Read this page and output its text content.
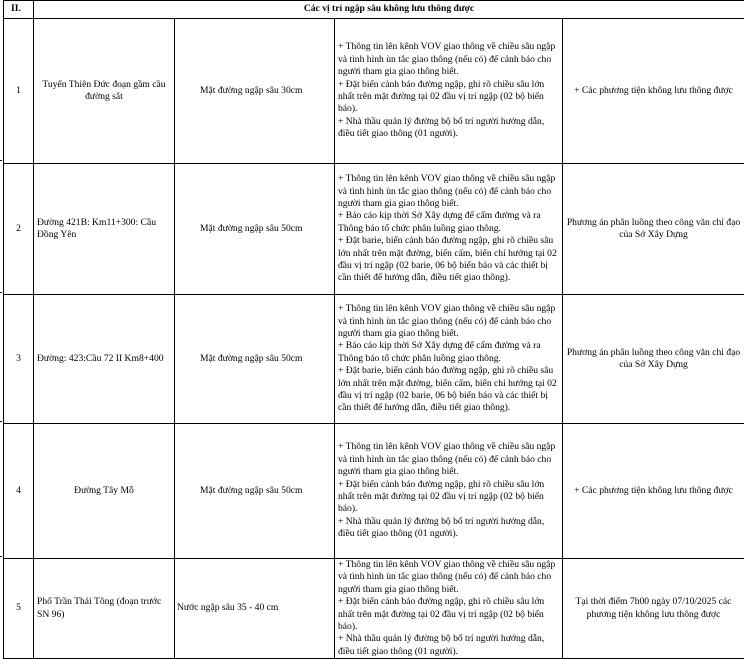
II.	Các vị trí ngập sâu không lưu thông được			
1	Tuyến Thiên Đức đoạn gầm cầu đường sắt	Mặt đường ngập sâu 30cm	+ Thông tin lên kênh VOV giao thông về chiều sâu ngập và tình hình ùn tắc giao thông (nếu có) để cảnh báo cho người tham gia giao thông biết.
+ Đặt biển cảnh báo đường ngập, ghi rõ chiều sâu lớn nhất trên mặt đường tại 02 đầu vị trí ngập (02 bộ biển báo).
+ Nhà thầu quản lý đường bộ bố trí người hướng dẫn, điều tiết giao thông (01 người).	+ Các phương tiện không lưu thông được
2	Đường 421B: Km11+300: Cầu Đồng Yên	Mặt đường ngập sâu 50cm	+ Thông tin lên kênh VOV giao thông về chiều sâu ngập và tình hình ùn tắc giao thông (nếu có) để cảnh báo cho người tham gia giao thông biết.
+ Báo cáo kịp thời Sở Xây dựng để cấm đường và ra Thông báo tổ chức phân luồng giao thông.
+ Đặt barie, biển cảnh báo đường ngập, ghi rõ chiều sâu lớn nhất trên mặt đường, biển cấm, biển chỉ hướng tại 02 đầu vị trí ngập (02 barie, 06 bộ biển báo và các thiết bị cần thiết để hướng dẫn, điều tiết giao thông).	Phương án phân luồng theo công văn chỉ đạo của Sở Xây Dựng
3	Đường: 423:Cầu 72 II Km8+400	Mặt đường ngập sâu 50cm	+ Thông tin lên kênh VOV giao thông về chiều sâu ngập và tình hình ùn tắc giao thông (nếu có) để cảnh báo cho người tham gia giao thông biết.
+ Báo cáo kịp thời Sở Xây dựng để cấm đường và ra Thông báo tổ chức phân luồng giao thông.
+ Đặt barie, biển cảnh báo đường ngập, ghi rõ chiều sâu lớn nhất trên mặt đường, biển cấm, biển chỉ hướng tại 02 đầu vị trí ngập (02 barie, 06 bộ biển báo và các thiết bị cần thiết để hướng dẫn, điều tiết giao thông).	Phương án phân luồng theo công văn chỉ đạo của Sở Xây Dựng
4	Đường Tây Mỗ	Mặt đường ngập sâu 50cm	+ Thông tin lên kênh VOV giao thông về chiều sâu ngập và tình hình ùn tắc giao thông (nếu có) để cảnh báo cho người tham gia giao thông biết.
+ Đặt biển cảnh báo đường ngập, ghi rõ chiều sâu lớn nhất trên mặt đường tại 02 đầu vị trí ngập (02 bộ biển báo).
+ Nhà thầu quản lý đường bộ bố trí người hướng dẫn, điều tiết giao thông (01 người).	+ Các phương tiện không lưu thông được
5	Phố Trần Thái Tông (đoạn trước SN 96)	Nước ngập sâu 35 - 40 cm	+ Thông tin lên kênh VOV giao thông về chiều sâu ngập và tình hình ùn tắc giao thông (nếu có) để cảnh báo cho người tham gia giao thông biết.
+ Đặt biển cảnh báo đường ngập, ghi rõ chiều sâu lớn nhất trên mặt đường tại 02 đầu vị trí ngập (02 bộ biển báo).
+ Nhà thầu quản lý đường bộ bố trí người hướng dẫn, điều tiết giao thông (01 người).	Tại thời điểm 7h00 ngày 07/10/2025 các phương tiện không lưu thông được
